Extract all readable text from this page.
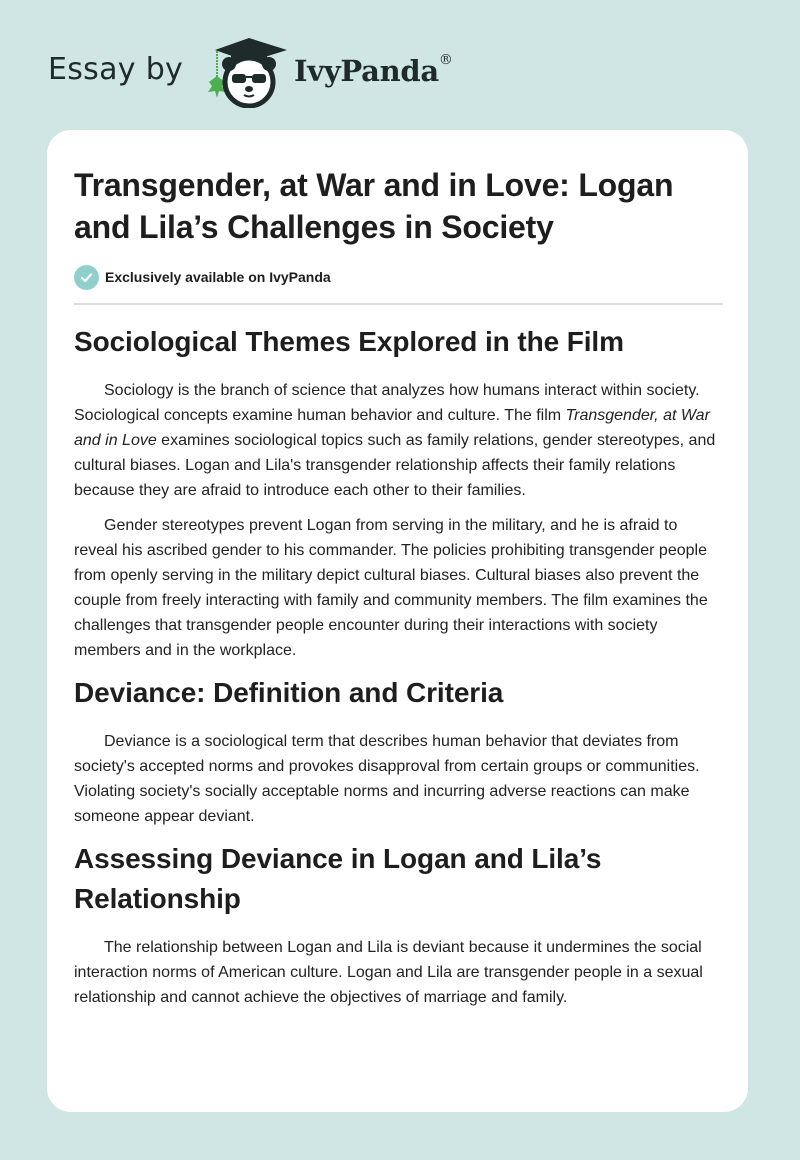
Essay by	IvyPanda®
Transgender, at War and in Love: Logan and Lila’s Challenges in Society
Exclusively available on IvyPanda
Sociological Themes Explored in the Film

Sociology is the branch of science that analyzes how humans interact within society. Sociological concepts examine human behavior and culture. The film Transgender, at War and in Love examines sociological topics such as family relations, gender stereotypes, and cultural biases. Logan and Lila's transgender relationship affects their family relations because they are afraid to introduce each other to their families.

Gender stereotypes prevent Logan from serving in the military, and he is afraid to reveal his ascribed gender to his commander. The policies prohibiting transgender people from openly serving in the military depict cultural biases. Cultural biases also prevent the couple from freely interacting with family and community members. The film examines the challenges that transgender people encounter during their interactions with society members and in the workplace.

Deviance: Definition and Criteria

Deviance is a sociological term that describes human behavior that deviates from society's accepted norms and provokes disapproval from certain groups or communities. Violating society's socially acceptable norms and incurring adverse reactions can make someone appear deviant.

Assessing Deviance in Logan and Lila’s Relationship

The relationship between Logan and Lila is deviant because it undermines the social interaction norms of American culture. Logan and Lila are transgender people in a sexual relationship and cannot achieve the objectives of marriage and family.
